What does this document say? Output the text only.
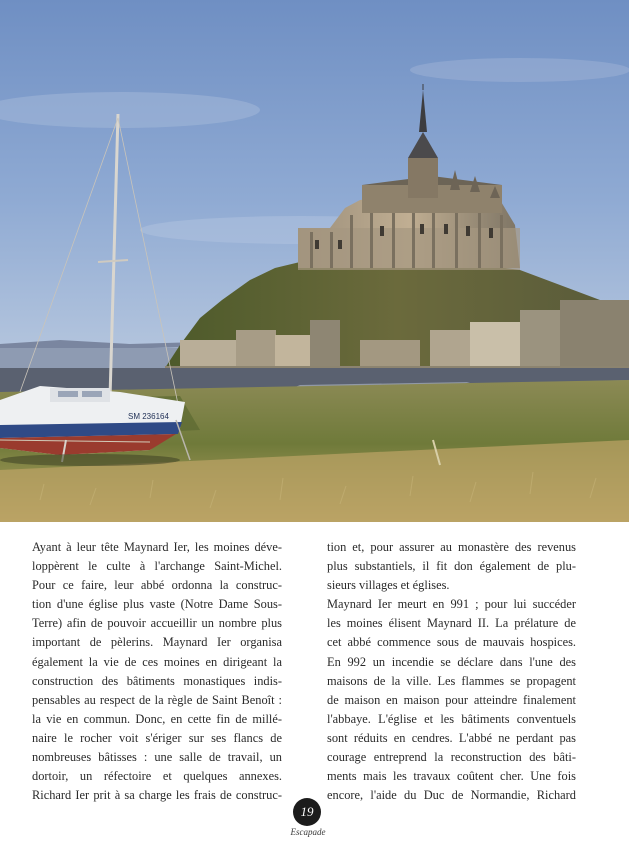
SM 236164
Ayant à leur tête Maynard Ier, les moines déve-
loppèrent le culte à l'archange Saint-Michel.
Pour ce faire, leur abbé ordonna la construc-
tion d'une église plus vaste (Notre Dame Sous-
Terre) afin de pouvoir accueillir un nombre plus
important de pèlerins. Maynard Ier organisa
également la vie de ces moines en dirigeant la
construction des bâtiments monastiques indis-
pensables au respect de la règle de Saint Benoît :
la vie en commun. Donc, en cette fin de millé-
naire le rocher voit s'ériger sur ses flancs de
nombreuses bâtisses : une salle de travail, un
dortoir, un réfectoire et quelques annexes.
Richard Ier prit à sa charge les frais de construc-
tion et, pour assurer au monastère des revenus
plus substantiels, il fit don également de plu-
sieurs villages et églises.
Maynard Ier meurt en 991 ; pour lui succéder
les moines élisent Maynard II. La prélature de
cet abbé commence sous de mauvais hospices.
En 992 un incendie se déclare dans l'une des
maisons de la ville. Les flammes se propagent
de maison en maison pour atteindre finalement
l'abbaye. L'église et les bâtiments conventuels
sont réduits en cendres. L'abbé ne perdant pas
courage entreprend la reconstruction des bâti-
ments mais les travaux coûtent cher. Une fois
encore, l'aide du Duc de Normandie, Richard
19
Escapade
